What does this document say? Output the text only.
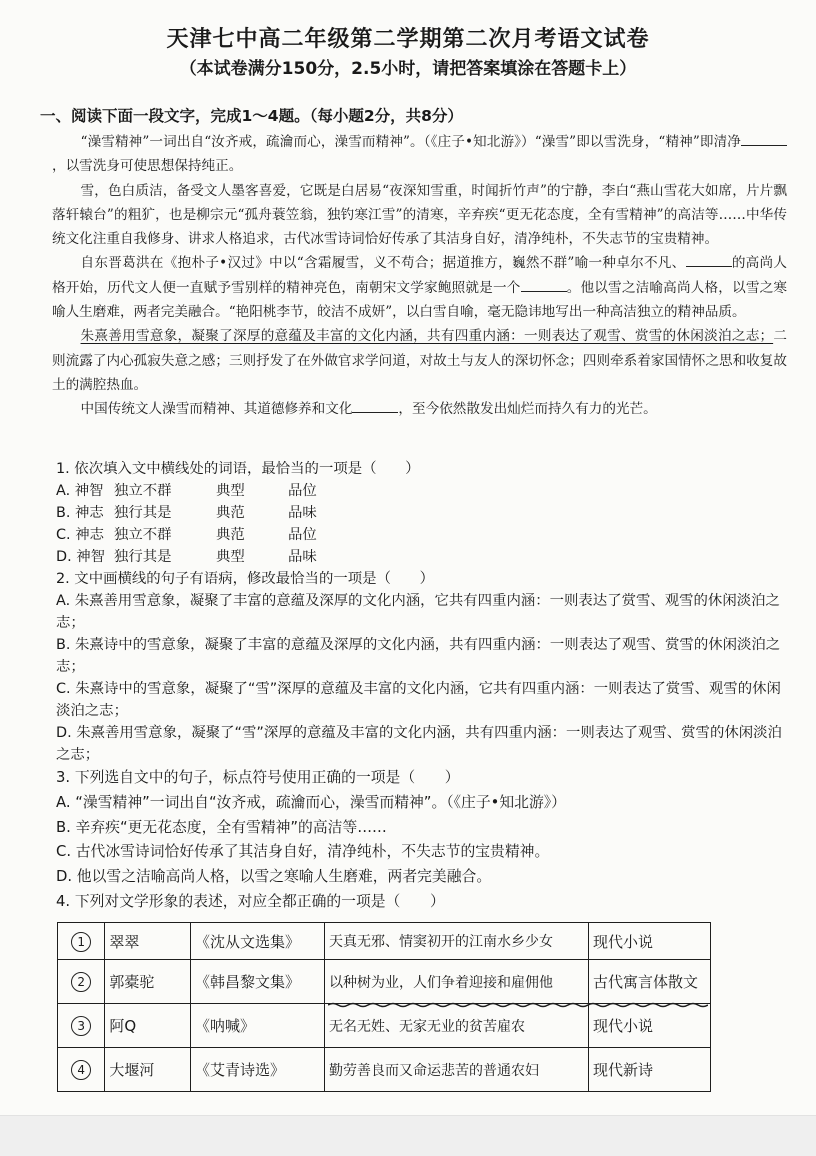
天津七中高二年级第二学期第二次月考语文试卷
（本试卷满分150分，2.5小时，请把答案填涂在答题卡上）
一、阅读下面一段文字，完成1～4题。（每小题2分，共8分）

“澡雪精神”一词出自“汝齐戒，疏瀹而心，澡雪而精神”。（《庄子•知北游》）“澡雪”即以雪洗身，“精神”即清净，以雪洗身可使思想保持纯正。

雪，色白质洁，备受文人墨客喜爱，它既是白居易“夜深知雪重，时闻折竹声”的宁静，李白“燕山雪花大如席，片片飘落轩辕台”的粗犷，也是柳宗元“孤舟蓑笠翁，独钓寒江雪”的清寒，辛弃疾“更无花态度，全有雪精神”的高洁等……中华传统文化注重自我修身、讲求人格追求，古代冰雪诗词恰好传承了其洁身自好，清净纯朴，不失志节的宝贵精神。

自东晋葛洪在《抱朴子•汉过》中以“含霜履雪，义不苟合；据道推方，巍然不群”喻一种卓尔不凡、	的高尚人格开始，历代文人便一直赋予雪别样的精神亮色，南朝宋文学家鲍照就是一个	。他以雪之洁喻高尚人格，以雪之寒喻人生磨难，两者完美融合。“艳阳桃李节，皎洁不成妍”，以白雪自喻，毫无隐讳地写出一种高洁独立的精神品质。

朱熹善用雪意象，凝聚了深厚的意蕴及丰富的文化内涵，共有四重内涵：一则表达了观雪、赏雪的休闲淡泊之志；二则流露了内心孤寂失意之感；三则抒发了在外做官求学问道，对故土与友人的深切怀念；四则牵系着家国情怀之思和收复故土的满腔热血。

中国传统文人澡雪而精神、其道德修养和文化	，至今依然散发出灿烂而持久有力的光芒。

1. 依次填入文中横线处的词语，最恰当的一项是（　　）

A. 神智 独立不群	典型	品位
B. 神志 独行其是	典范	品味
C. 神志 独立不群	典范	品位
D. 神智 独行其是	典型	品味

2. 文中画横线的句子有语病，修改最恰当的一项是（　　）

A. 朱熹善用雪意象，凝聚了丰富的意蕴及深厚的文化内涵，它共有四重内涵：一则表达了赏雪、观雪的休闲淡泊之志；

B. 朱熹诗中的雪意象，凝聚了丰富的意蕴及深厚的文化内涵，共有四重内涵：一则表达了观雪、赏雪的休闲淡泊之志；

C. 朱熹诗中的雪意象，凝聚了“雪”深厚的意蕴及丰富的文化内涵，它共有四重内涵：一则表达了赏雪、观雪的休闲淡泊之志；

D. 朱熹善用雪意象，凝聚了“雪”深厚的意蕴及丰富的文化内涵，共有四重内涵：一则表达了观雪、赏雪的休闲淡泊之志；

3. 下列选自文中的句子，标点符号使用正确的一项是（　　）

A. “澡雪精神”一词出自“汝齐戒，疏瀹而心，澡雪而精神”。（《庄子•知北游》）

B. 辛弃疾“更无花态度，全有雪精神”的高洁等……

C. 古代冰雪诗词恰好传承了其洁身自好，清净纯朴，不失志节的宝贵精神。

D. 他以雪之洁喻高尚人格，以雪之寒喻人生磨难，两者完美融合。

4. 下列对文学形象的表述，对应全都正确的一项是（　　）

1	翠翠	《沈从文选集》	天真无邪、情窦初开的江南水乡少女	现代小说
2	郭橐驼	《韩昌黎文集》	以种树为业，人们争着迎接和雇佣他	古代寓言体散文
3	阿Q	《呐喊》	无名无姓、无家无业的贫苦雇农	现代小说
4	大堰河	《艾青诗选》	勤劳善良而又命运悲苦的普通农妇	现代新诗
